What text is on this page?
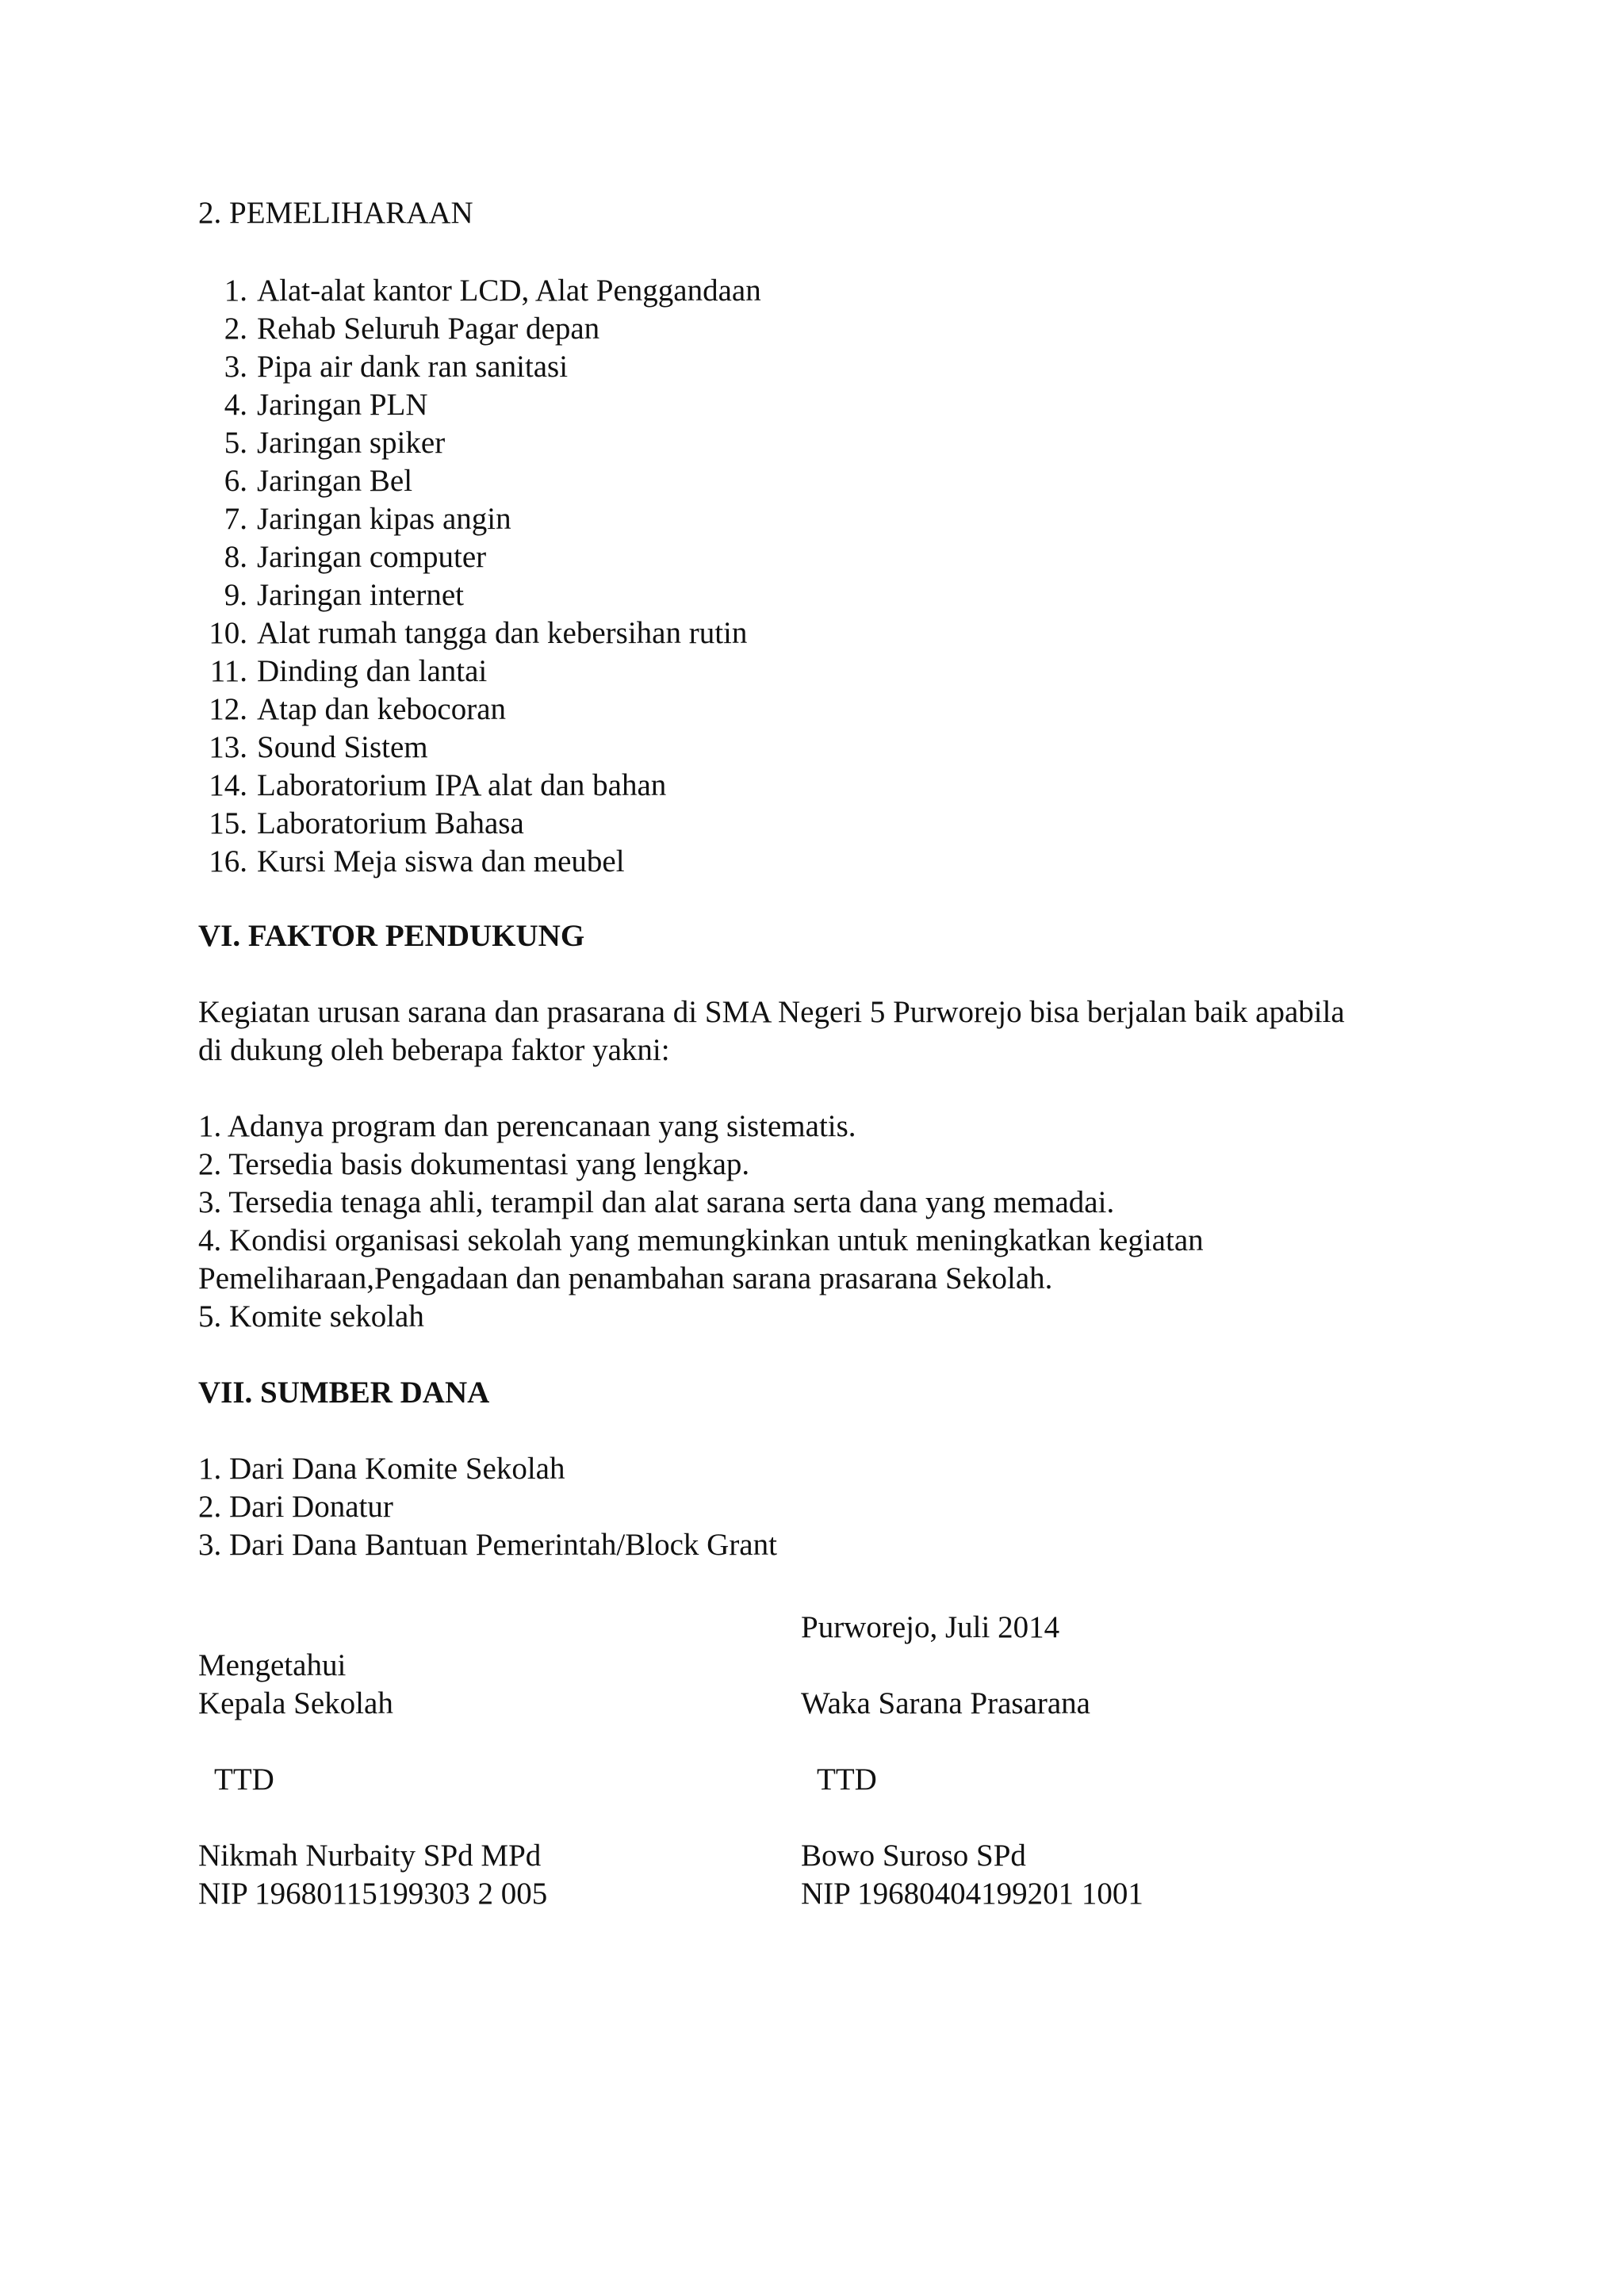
2. PEMELIHARAAN
1. Alat-alat kantor LCD, Alat Penggandaan
2. Rehab Seluruh Pagar depan
3. Pipa air dank ran sanitasi
4. Jaringan PLN
5. Jaringan spiker
6. Jaringan Bel
7. Jaringan kipas angin
8. Jaringan computer
9. Jaringan internet
10. Alat rumah tangga dan kebersihan rutin
11. Dinding dan lantai
12. Atap dan kebocoran
13. Sound Sistem
14. Laboratorium IPA alat dan bahan
15. Laboratorium Bahasa
16. Kursi Meja siswa dan meubel
VI. FAKTOR PENDUKUNG
Kegiatan urusan sarana dan prasarana di SMA Negeri 5 Purworejo bisa berjalan baik apabila
di dukung oleh beberapa faktor yakni:
1. Adanya program dan perencanaan yang sistematis.
2. Tersedia basis dokumentasi yang lengkap.
3. Tersedia tenaga ahli, terampil dan alat sarana serta dana yang memadai.
4. Kondisi organisasi sekolah yang memungkinkan untuk meningkatkan kegiatan
Pemeliharaan,Pengadaan dan penambahan sarana prasarana Sekolah.
5. Komite sekolah
VII. SUMBER DANA
1. Dari Dana Komite Sekolah
2. Dari Donatur
3. Dari Dana Bantuan Pemerintah/Block Grant
Purworejo, Juli 2014
Mengetahui
Kepala Sekolah	Waka Sarana Prasarana
TTD	TTD
Nikmah Nurbaity SPd MPd	Bowo Suroso SPd
NIP 19680115199303 2 005	NIP 19680404199201 1001
